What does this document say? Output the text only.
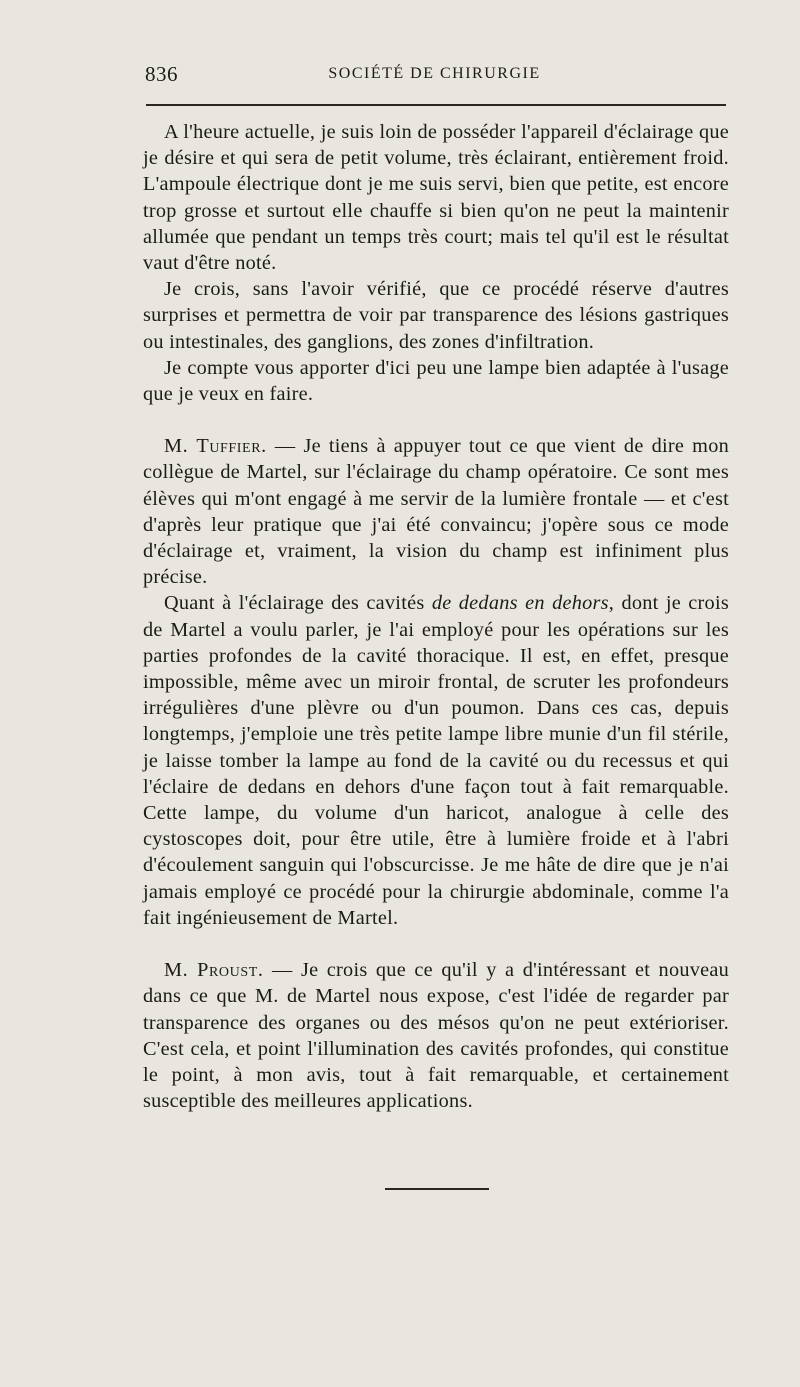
836	SOCIÉTÉ DE CHIRURGIE

A l'heure actuelle, je suis loin de posséder l'appareil d'éclairage que je désire et qui sera de petit volume, très éclairant, entièrement froid. L'ampoule électrique dont je me suis servi, bien que petite, est encore trop grosse et surtout elle chauffe si bien qu'on ne peut la maintenir allumée que pendant un temps très court; mais tel qu'il est le résultat vaut d'être noté.

Je crois, sans l'avoir vérifié, que ce procédé réserve d'autres surprises et permettra de voir par transparence des lésions gastriques ou intestinales, des ganglions, des zones d'infiltration.

Je compte vous apporter d'ici peu une lampe bien adaptée à l'usage que je veux en faire.

M. Tuffier. — Je tiens à appuyer tout ce que vient de dire mon collègue de Martel, sur l'éclairage du champ opératoire. Ce sont mes élèves qui m'ont engagé à me servir de la lumière frontale — et c'est d'après leur pratique que j'ai été convaincu; j'opère sous ce mode d'éclairage et, vraiment, la vision du champ est infiniment plus précise.

Quant à l'éclairage des cavités de dedans en dehors, dont je crois de Martel a voulu parler, je l'ai employé pour les opérations sur les parties profondes de la cavité thoracique. Il est, en effet, presque impossible, même avec un miroir frontal, de scruter les profondeurs irrégulières d'une plèvre ou d'un poumon. Dans ces cas, depuis longtemps, j'emploie une très petite lampe libre munie d'un fil stérile, je laisse tomber la lampe au fond de la cavité ou du recessus et qui l'éclaire de dedans en dehors d'une façon tout à fait remarquable. Cette lampe, du volume d'un haricot, analogue à celle des cystoscopes doit, pour être utile, être à lumière froide et à l'abri d'écoulement sanguin qui l'obscurcisse. Je me hâte de dire que je n'ai jamais employé ce procédé pour la chirurgie abdominale, comme l'a fait ingénieusement de Martel.

M. Proust. — Je crois que ce qu'il y a d'intéressant et nouveau dans ce que M. de Martel nous expose, c'est l'idée de regarder par transparence des organes ou des mésos qu'on ne peut extérioriser. C'est cela, et point l'illumination des cavités profondes, qui constitue le point, à mon avis, tout à fait remarquable, et certainement susceptible des meilleures applications.
